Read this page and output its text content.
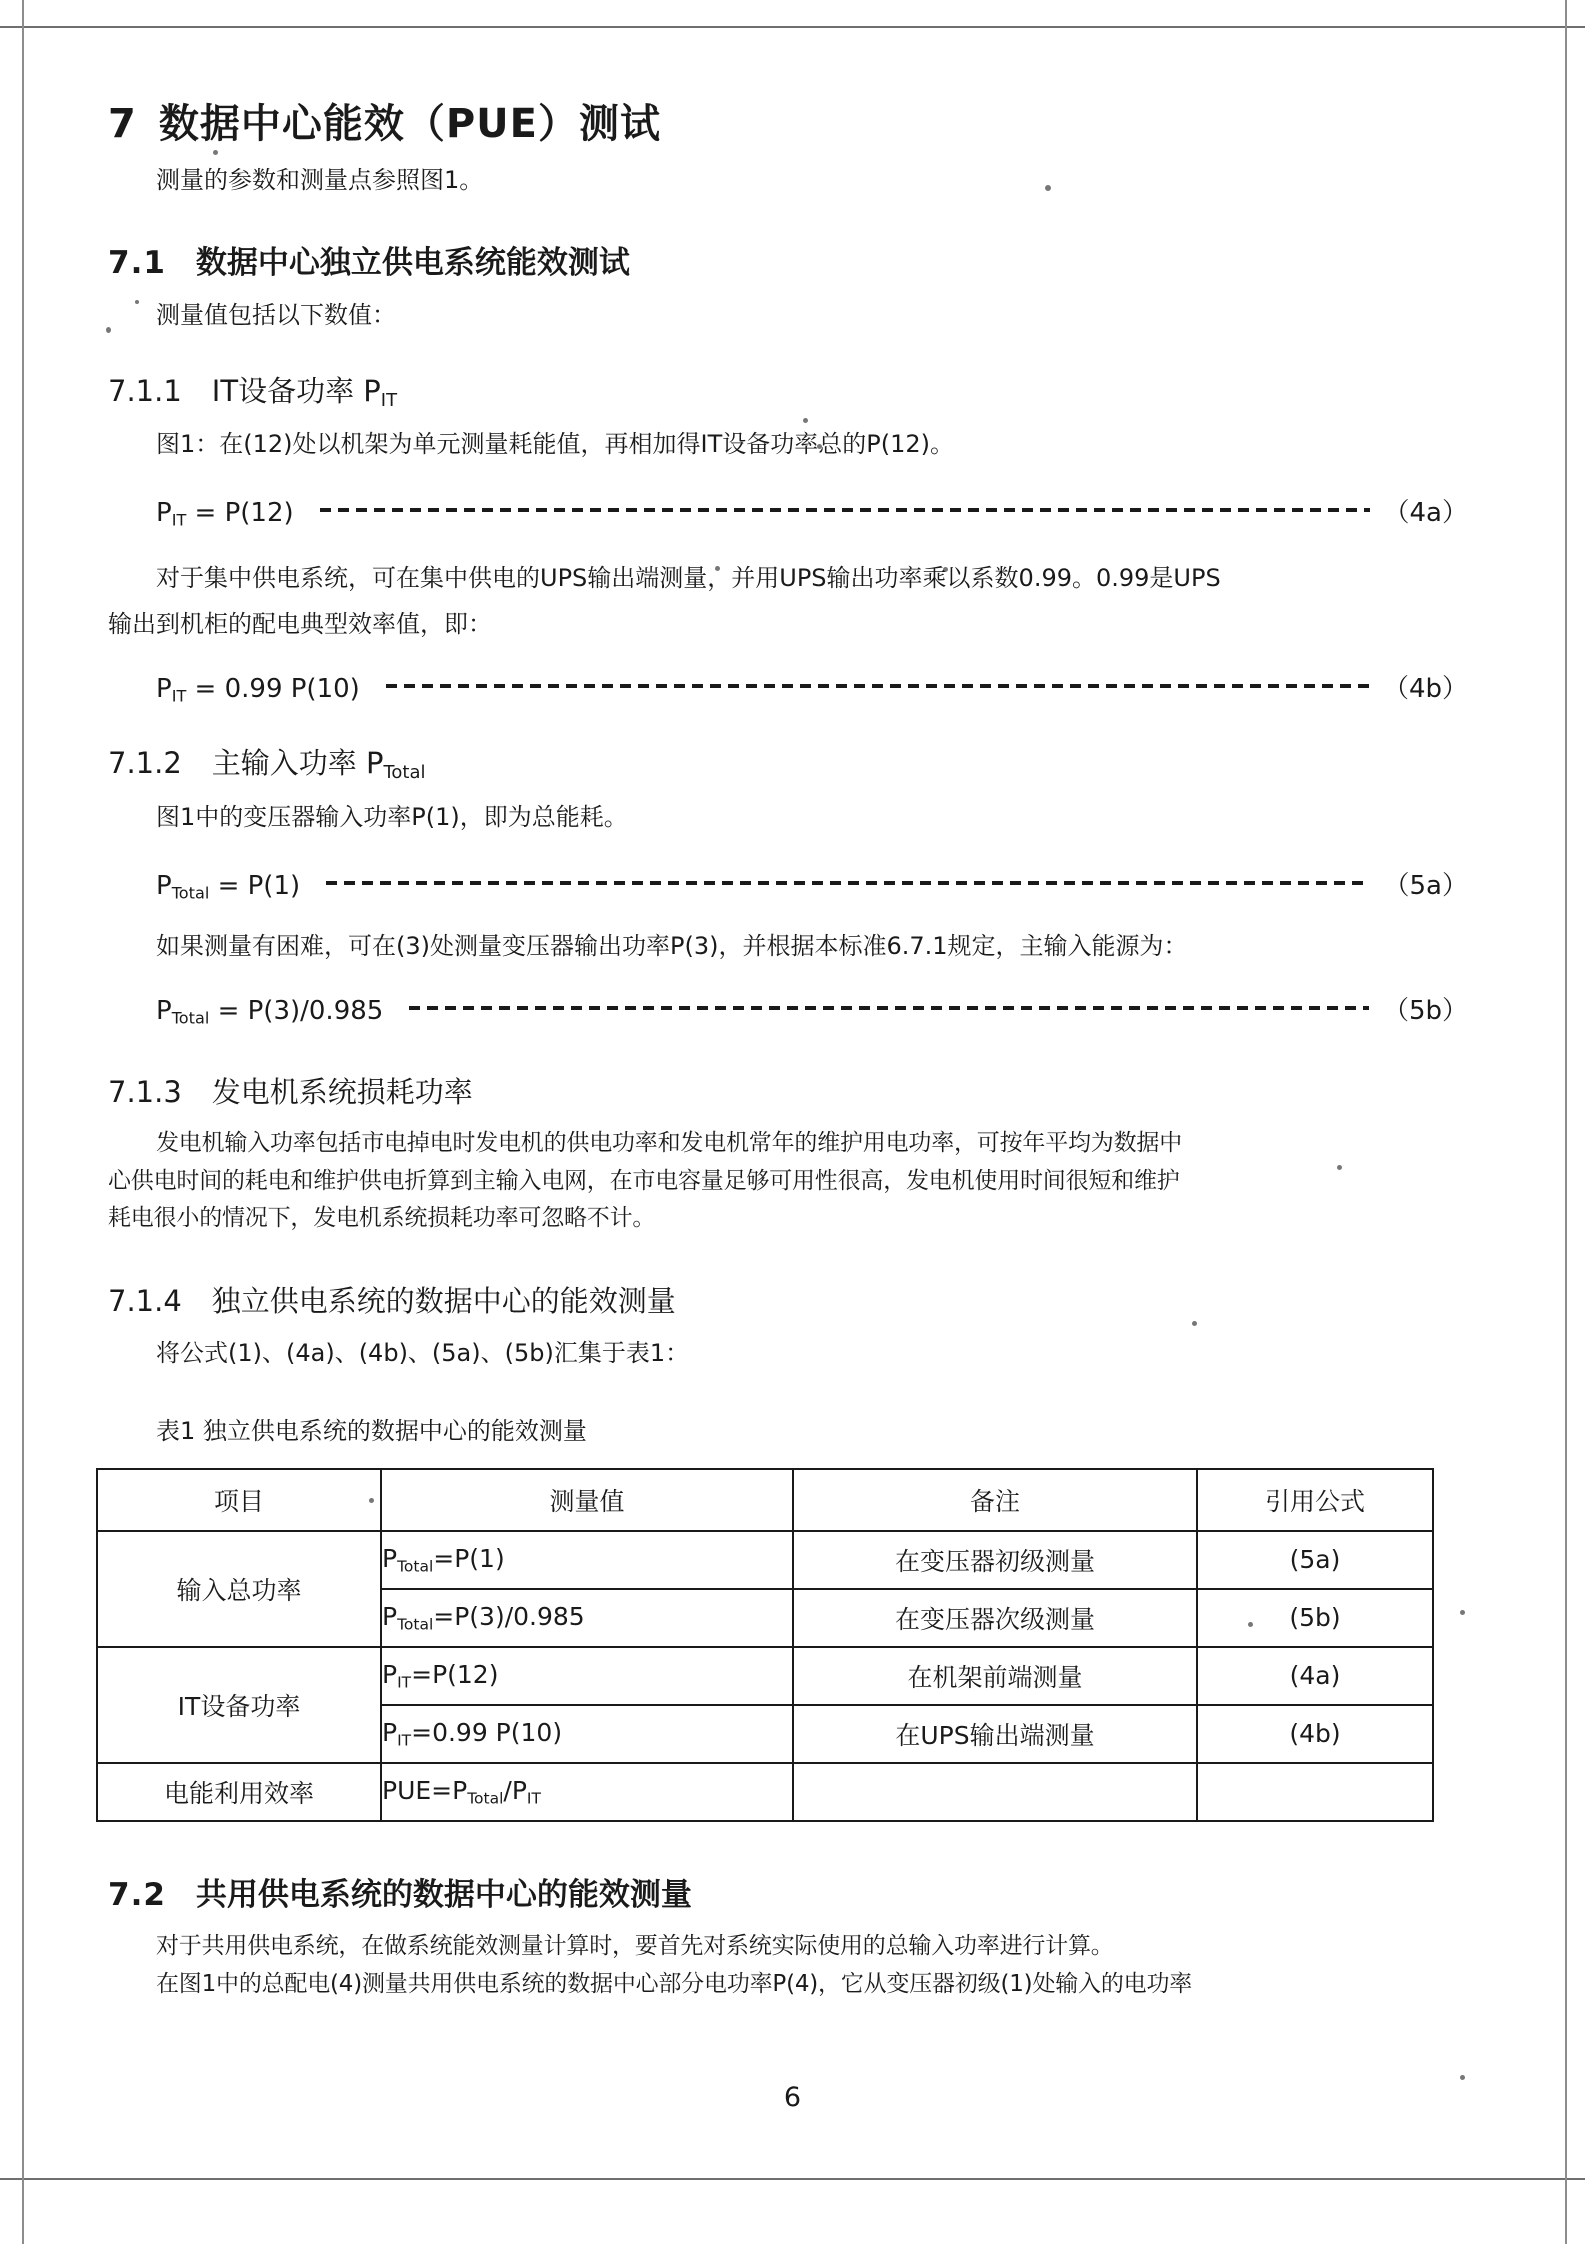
7 数据中心能效（PUE）测试

测量的参数和测量点参照图1。

7.1 数据中心独立供电系统能效测试

测量值包括以下数值：

7.1.1 IT设备功率 $P_{IT}$

图1：在(12)处以机架为单元测量耗能值，再相加得IT设备功率总的P(12)。

$P_{IT} = P(12)$	（4a）

对于集中供电系统，可在集中供电的UPS输出端测量，并用UPS输出功率乘以系数0.99。0.99是UPS

输出到机柜的配电典型效率值，即：

$P_{IT} = 0.99$ P(10)	（4b）
7.1.2 主输入功率 $P_{Total}$

图1中的变压器输入功率P(1)，即为总能耗。

$P_{Total} = P(1)$	（5a）

如果测量有困难，可在(3)处测量变压器输出功率P(3)，并根据本标准6.7.1规定，主输入能源为：

$P_{Total} = P(3)/0.985$	（5b）
7.1.3 发电机系统损耗功率

发电机输入功率包括市电掉电时发电机的供电功率和发电机常年的维护用电功率，可按年平均为数据中

心供电时间的耗电和维护供电折算到主输入电网，在市电容量足够可用性很高，发电机使用时间很短和维护

耗电很小的情况下，发电机系统损耗功率可忽略不计。

7.1.4 独立供电系统的数据中心的能效测量

将公式(1)、(4a)、(4b)、(5a)、(5b)汇集于表1：

表1 独立供电系统的数据中心的能效测量
项目	测量值	备注	引用公式
输入总功率	$P_{Total}=P(1)$	在变压器初级测量	(5a)
	$P_{Total}=P(3)/0.985$	在变压器次级测量	(5b)
IT设备功率	$P_{IT}=P(12)$	在机架前端测量	(4a)
	$P_{IT}=0.99$ P(10)	在UPS输出端测量	(4b)
电能利用效率	$PUE=P_{Total}/P_{IT}$		
7.2 共用供电系统的数据中心的能效测量

对于共用供电系统，在做系统能效测量计算时，要首先对系统实际使用的总输入功率进行计算。

在图1中的总配电(4)测量共用供电系统的数据中心部分电功率P(4)，它从变压器初级(1)处输入的电功率

6
